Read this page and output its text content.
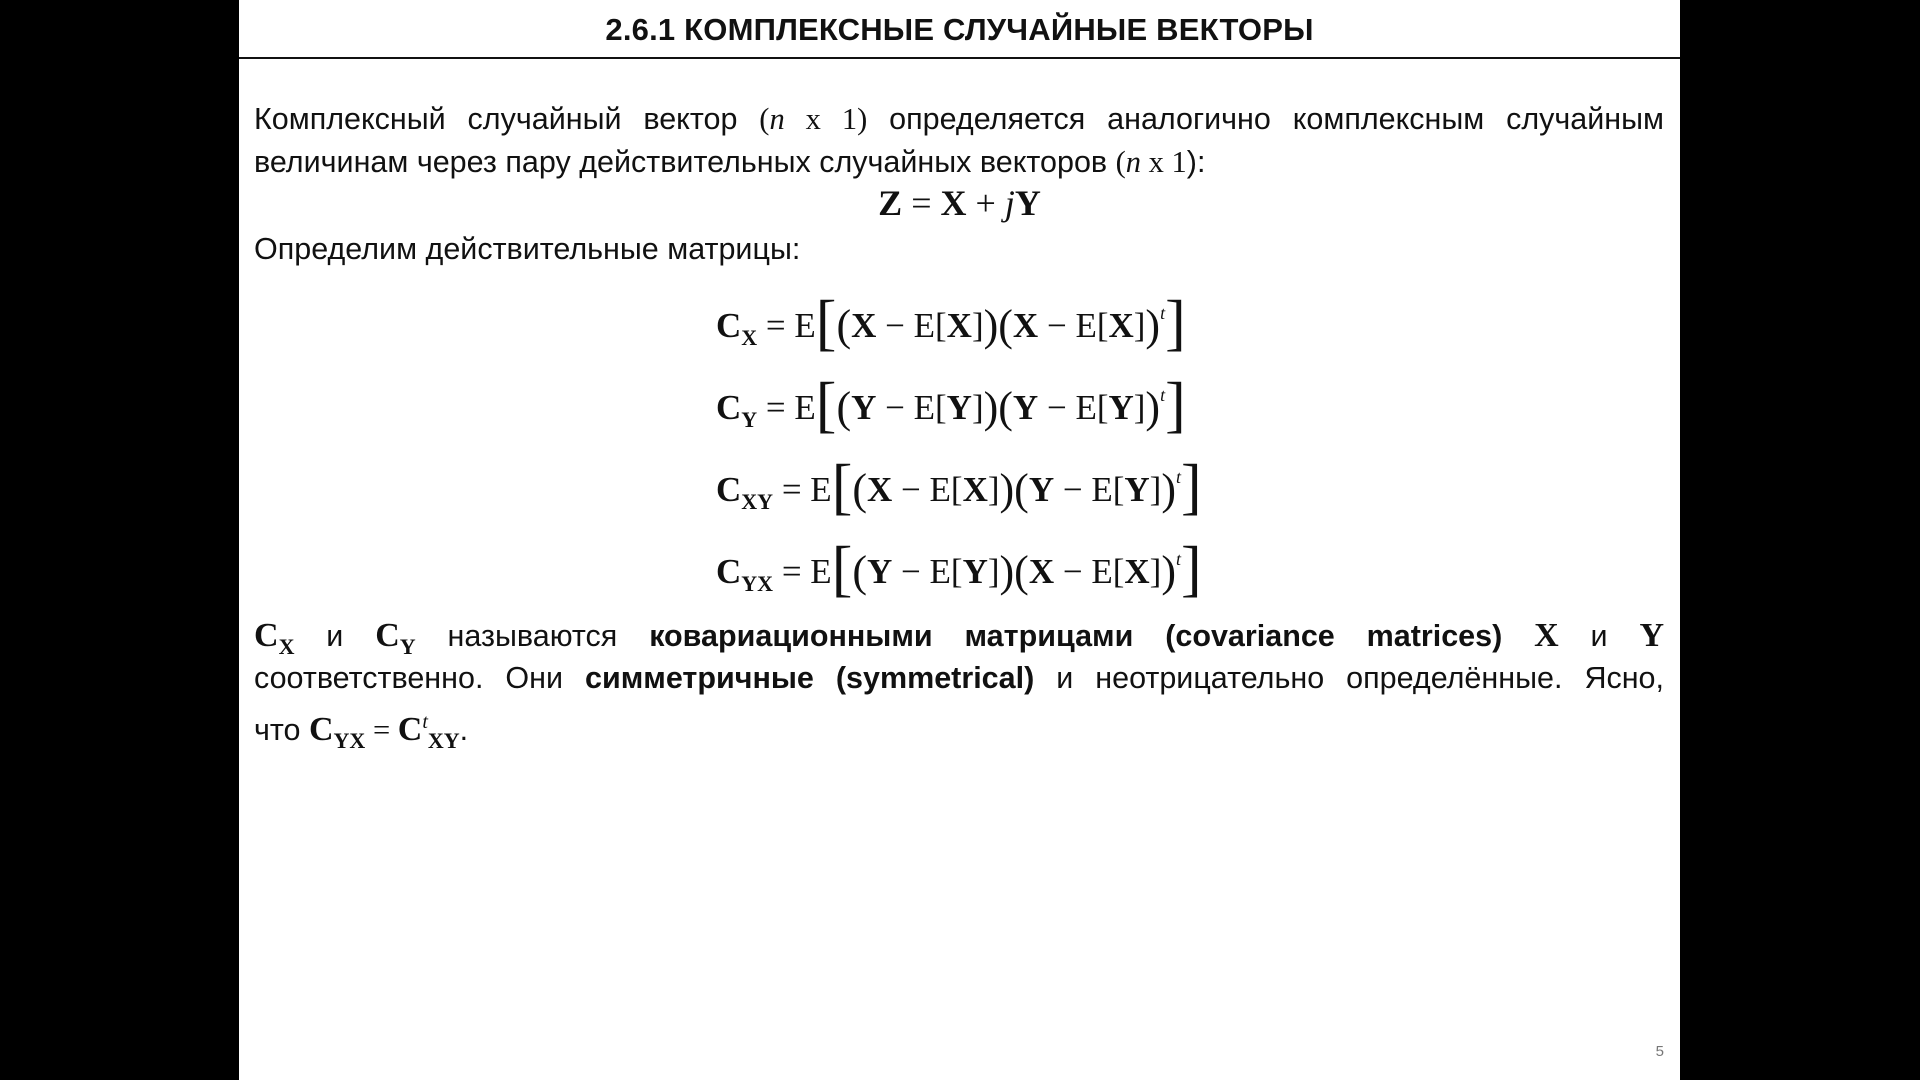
2.6.1 КОМПЛЕКСНЫЕ СЛУЧАЙНЫЕ ВЕКТОРЫ
Комплексный случайный вектор (n x 1) определяется аналогично комплексным случайным
величинам через пару действительных случайных векторов (n x 1):
Z = X + jY
Определим действительные матрицы:
$C_X = E[(X - E[X])(X - E[X])^t]$
$C_Y = E[(Y - E[Y])(Y - E[Y])^t]$
$C_{XY} = E[(X - E[X])(Y - E[Y])^t]$
$C_{YX} = E[(Y - E[Y])(X - E[X])^t]$
$C_X$ и $C_Y$ называются ковариационными матрицами (covariance matrices) X и Y
соответственно. Они симметричные (symmetrical) и неотрицательно определённые. Ясно,
что $C_{YX} = C^t_{XY}$.
5
